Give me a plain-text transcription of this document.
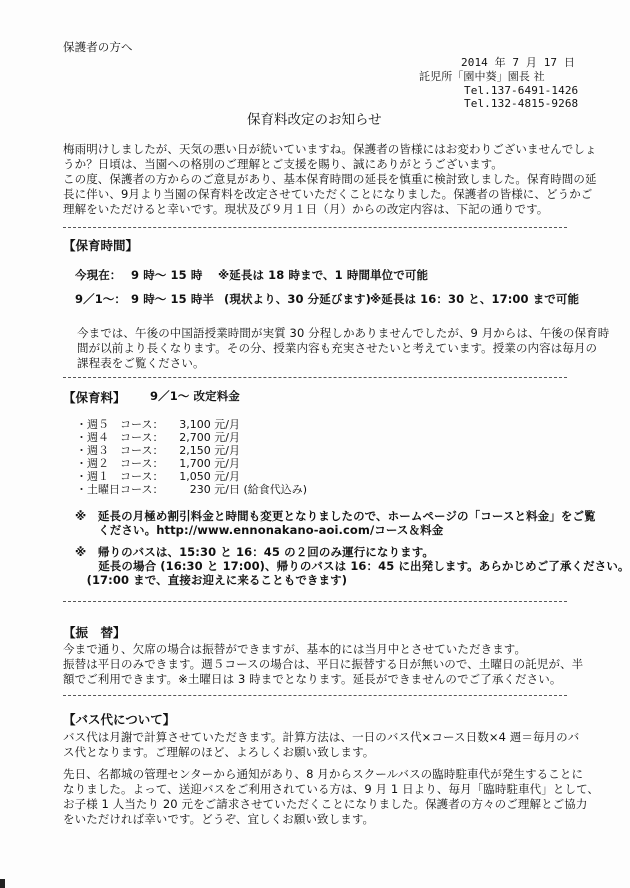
保護者の方へ
2014 年 7 月 17 日
託児所「園中葵」園長 社
Tel.137-6491-1426
Tel.132-4815-9268
保育料改定のお知らせ
梅雨明けしましたが、天気の悪い日が続いていますね。保護者の皆様にはお変わりございませんでしょ
うか？日頃は、当園への格別のご理解とご支援を賜り、誠にありがとうございます。
この度、保護者の方からのご意見があり、基本保育時間の延長を慎重に検討致しました。保育時間の延
長に伴い、9月より当園の保育料を改定させていただくことになりました。保護者の皆様に、どうかご
理解をいただけると幸いです。現状及び９月１日（月）からの改定内容は、下記の通りです。
【保育時間】
今現在： 9 時～ 15 時 ※延長は 18 時まで、1 時間単位で可能
9／1～： 9 時～ 15 時半 (現状より、30 分延びます)
※延長は 16：30 と、17:00 まで可能
今までは、午後の中国語授業時間が実質 30 分程しかありませんでしたが、9 月からは、午後の保育時
間が以前より長くなります。その分、授業内容も充実させたいと考えています。授業の内容は毎月の
課程表をご覧ください。
【保育料】 9／1～ 改定料金
・週５　コース： 3,100 元/月
・週４　コース： 2,700 元/月
・週３　コース： 2,150 元/月
・週２　コース： 1,700 元/月
・週１　コース： 1,050 元/月
・土曜日コース： 230 元/日 (給食代込み)
※　延長の月極め割引料金と時間も変更となりましたので、ホームページの「コースと料金」をご覧
　　ください。http://www.ennonakano-aoi.com/コース＆料金
※　帰りのバスは、15:30 と 16：45 の２回のみ運行になります。
　　延長の場合 (16:30 と 17:00)、帰りのバスは 16：45 に出発します。あらかじめご了承ください。
　(17:00 まで、直接お迎えに来ることもできます)
【振　替】
今まで通り、欠席の場合は振替ができますが、基本的には当月中とさせていただきます。
振替は平日のみできます。週５コースの場合は、平日に振替する日が無いので、土曜日の託児が、半
額でご利用できます。※土曜日は 3 時までとなります。延長ができませんのでご了承ください。
【バス代について】
バス代は月謝で計算させていただきます。計算方法は、一日のバス代×コース日数×4 週＝毎月のバ
ス代となります。ご理解のほど、よろしくお願い致します。
先日、名都城の管理センターから通知があり、8 月からスクールバスの臨時駐車代が発生することに
なりました。よって、送迎バスをご利用されている方は、9 月 1 日より、毎月「臨時駐車代」として、
お子様 1 人当たり 20 元をご請求させていただくことになりました。保護者の方々のご理解とご協力
をいただければ幸いです。どうぞ、宜しくお願い致します。
